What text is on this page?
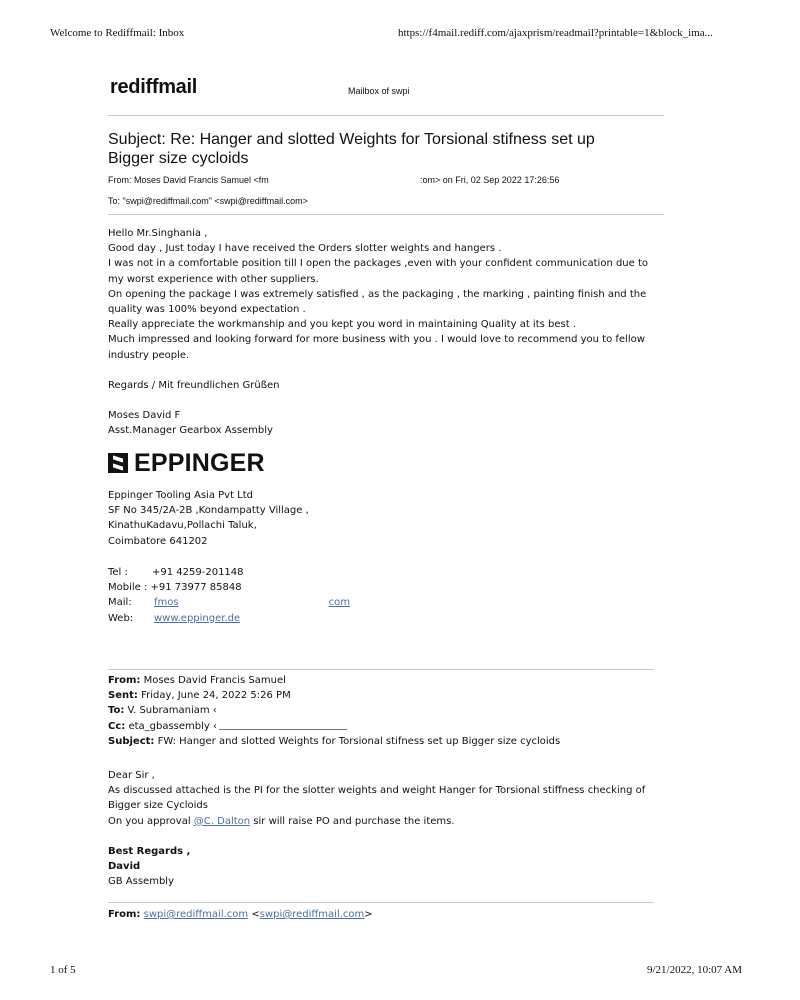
Welcome to Rediffmail: Inbox	https://f4mail.rediff.com/ajaxprism/readmail?printable=1&block_ima...
rediffmail	Mailbox of swpi
Subject: Re: Hanger and slotted Weights for Torsional stifness set up
Bigger size cycloids
From: Moses David Francis Samuel <fm	:om> on Fri, 02 Sep 2022 17:26:56
To: "swpi@rediffmail.com" <swpi@rediffmail.com>

Hello Mr.Singhania ,

Good day , Just today I have received the Orders slotter weights and hangers .

I was not in a comfortable position till I open the packages ,even with your confident communication due to my worst experience with other suppliers.

On opening the package I was extremely satisfied , as the packaging , the marking , painting finish and the quality was 100% beyond expectation .

Really appreciate the workmanship and you kept you word in maintaining Quality at its best .

Much impressed and looking forward for more business with you . I would love to recommend you to fellow industry people.

Regards / Mit freundlichen Grüßen

Moses David F

Asst.Manager Gearbox Assembly

EPPINGER
Eppinger Tooling Asia Pvt Ltd
SF No 345/2A-2B ,Kondampatty Village ,
KinathuKadavu,Pollachi Taluk,
Coimbatore 641202
Tel : +91 4259-201148
Mobile : +91 73977 85848
Mail: fmos	com
Web: www.eppinger.de

From: Moses David Francis Samuel

Sent: Friday, June 24, 2022 5:26 PM

To: V. Subramaniam ‹

Cc: eta_gbassembly ‹

Subject: FW: Hanger and slotted Weights for Torsional stifness set up Bigger size cycloids

Dear Sir ,

As discussed attached is the PI for the slotter weights and weight Hanger for Torsional stiffness checking of Bigger size Cycloids

On you approval @C. Dalton sir will raise PO and purchase the items.

Best Regards ,
David
GB Assembly
From: swpi@rediffmail.com <swpi@rediffmail.com>
1 of 5	9/21/2022, 10:07 AM
